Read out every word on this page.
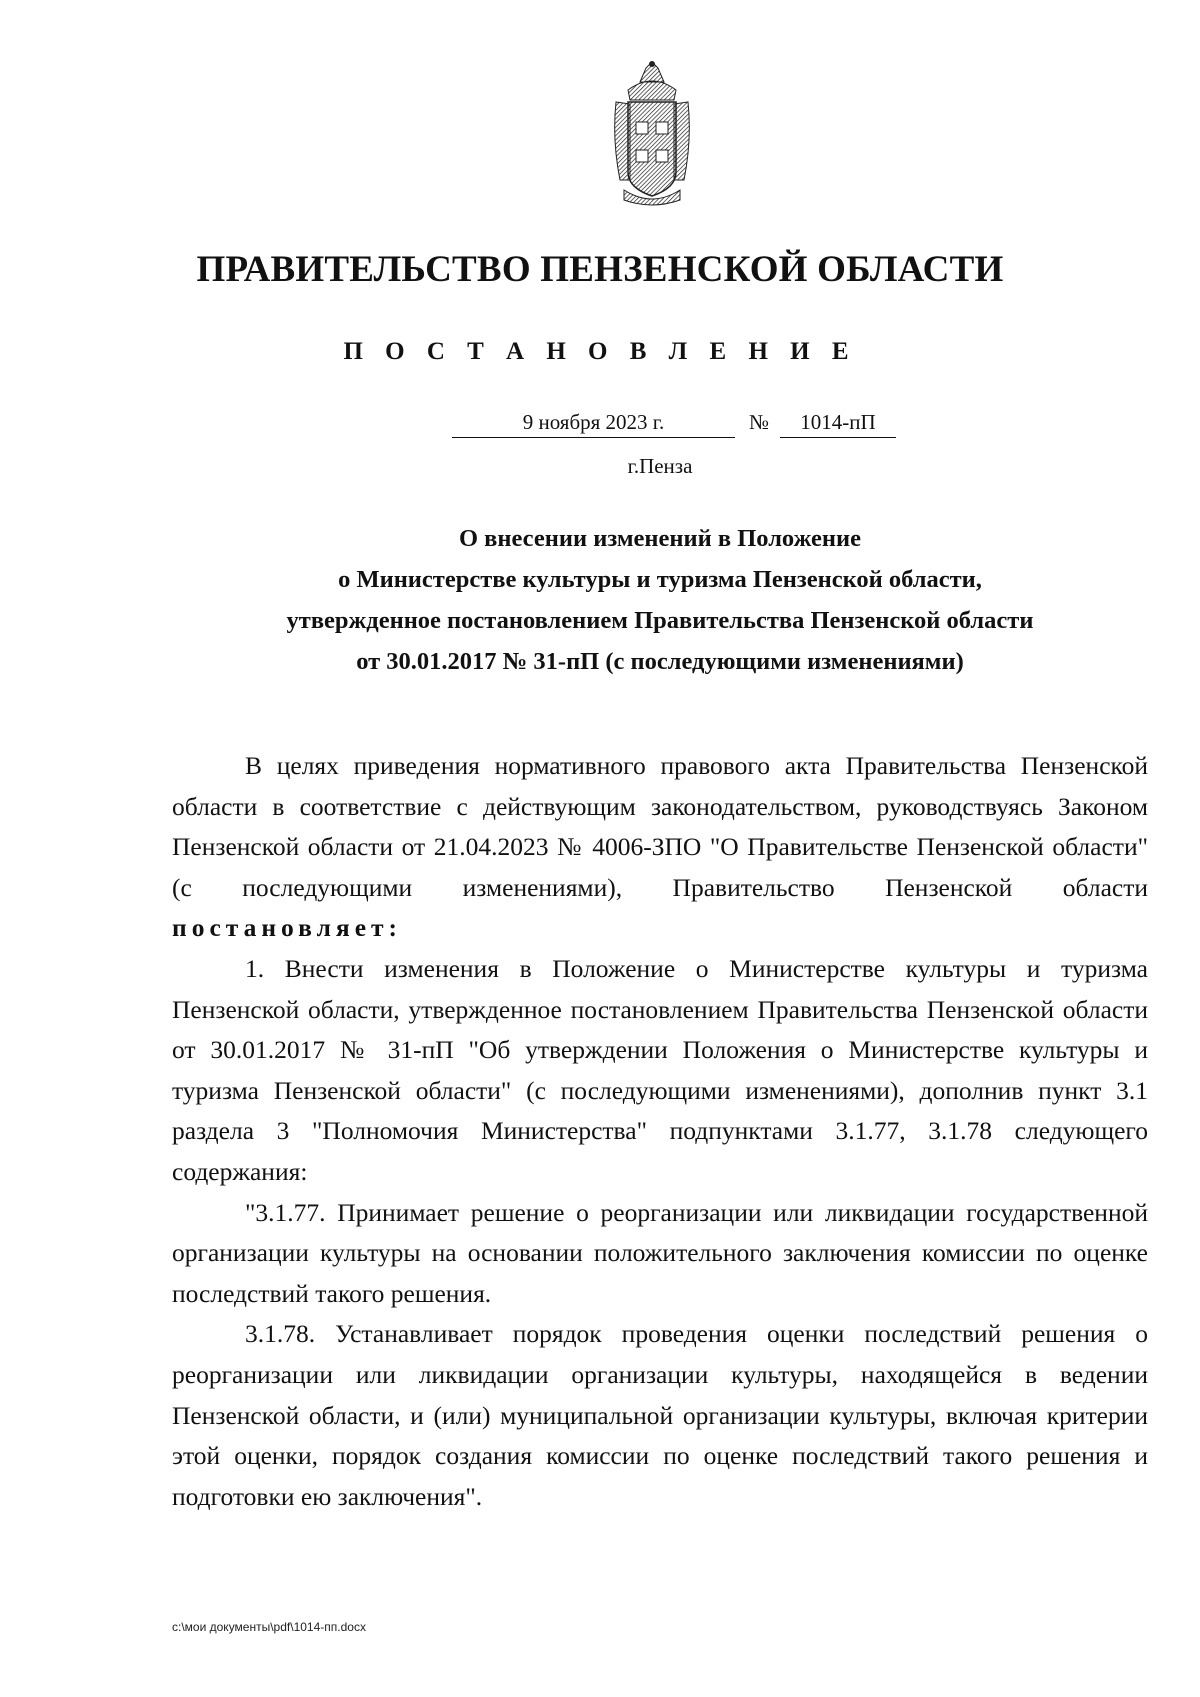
ПРАВИТЕЛЬСТВО ПЕНЗЕНСКОЙ ОБЛАСТИ
П О С Т А Н О В Л Е Н И Е
9 ноября 2023 г.	№	1014-пП
г.Пенза
О внесении изменений в Положение
о Министерстве культуры и туризма Пензенской области,
утвержденное постановлением Правительства Пензенской области
от 30.01.2017 № 31-пП (с последующими изменениями)

В целях приведения нормативного правового акта Правительства Пензенской области в соответствие с действующим законодательством, руководствуясь Законом Пензенской области от 21.04.2023 № 4006-ЗПО "О Правительстве Пензенской области" (с последующими изменениями), Правительство Пензенской области постановляет:

1. Внести изменения в Положение о Министерстве культуры и туризма Пензенской области, утвержденное постановлением Правительства Пензенской области от 30.01.2017 № 31-пП "Об утверждении Положения о Министерстве культуры и туризма Пензенской области" (с последующими изменениями), дополнив пункт 3.1 раздела 3 "Полномочия Министерства" подпунктами 3.1.77, 3.1.78 следующего содержания:

"3.1.77. Принимает решение о реорганизации или ликвидации государственной организации культуры на основании положительного заключения комиссии по оценке последствий такого решения.

3.1.78. Устанавливает порядок проведения оценки последствий решения о реорганизации или ликвидации организации культуры, находящейся в ведении Пензенской области, и (или) муниципальной организации культуры, включая критерии этой оценки, порядок создания комиссии по оценке последствий такого решения и подготовки ею заключения".

c:\мои документы\pdf\1014-пп.docx
